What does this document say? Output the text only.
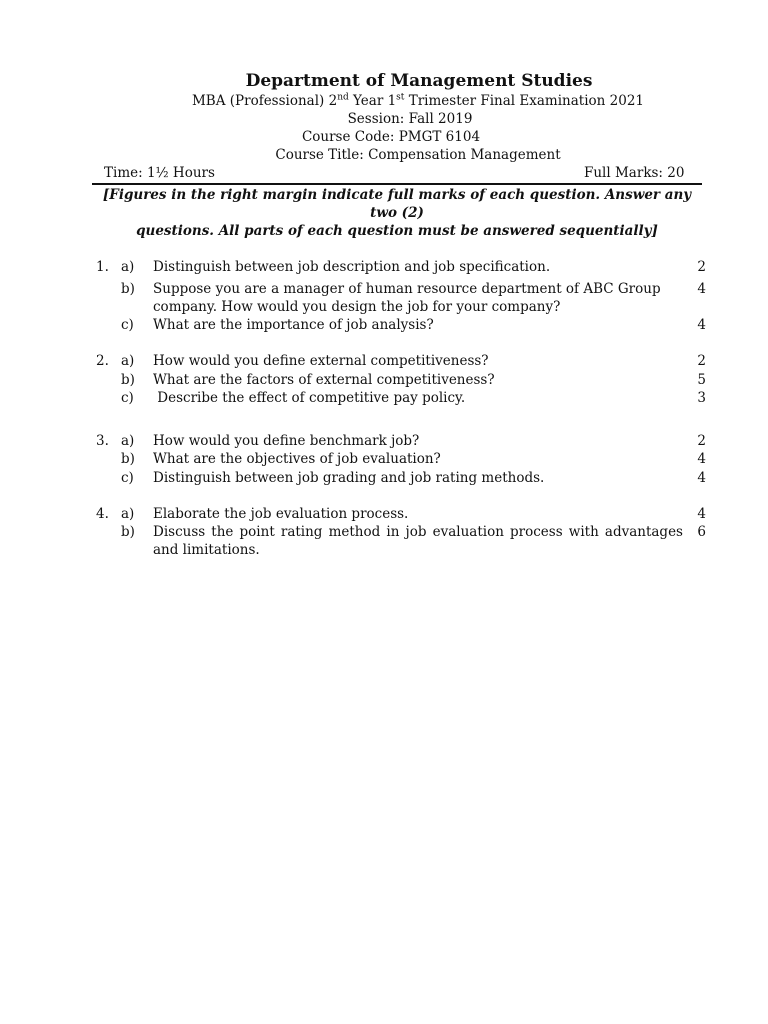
Department of Management Studies
MBA (Professional) 2nd Year 1st Trimester Final Examination 2021
Session: Fall 2019
Course Code: PMGT 6104
Course Title: Compensation Management
Time: 1½ Hours	Full Marks: 20
[Figures in the right margin indicate full marks of each question. Answer any two (2)
questions. All parts of each question must be answered sequentially]
1. a) Distinguish between job description and job specification.	2
b) Suppose you are a manager of human resource department of ABC Group company. How would you design the job for your company?
4
c) What are the importance of job analysis?	4
2. a) How would you define external competitiveness?	2
b) What are the factors of external competitiveness?	5
c) Describe the effect of competitive pay policy.	3
3. a) How would you define benchmark job?	2
b) What are the objectives of job evaluation?	4
c) Distinguish between job grading and job rating methods.	4
4. a) Elaborate the job evaluation process.	4
b) Discuss the point rating method in job evaluation process with advantages and limitations.
6
